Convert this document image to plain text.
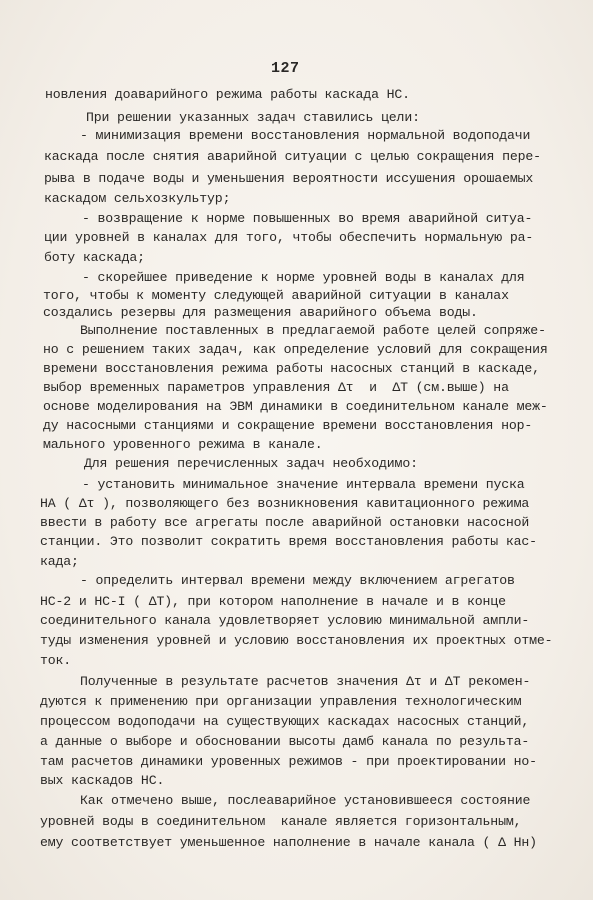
127
новления доаварийного режима работы каскада НС.
При решении указанных задач ставились цели:
- минимизация времени восстановления нормальной водоподачи
каскада после снятия аварийной ситуации с целью сокращения пере-
рыва в подаче воды и уменьшения вероятности иссушения орошаемых
каскадом сельхозкультур;
- возвращение к норме повышенных во время аварийной ситуа-
ции уровней в каналах для того, чтобы обеспечить нормальную ра-
боту каскада;
- скорейшее приведение к норме уровней воды в каналах для
того, чтобы к моменту следующей аварийной ситуации в каналах
создались резервы для размещения аварийного объема воды.
Выполнение поставленных в предлагаемой работе целей сопряже-
но с решением таких задач, как определение условий для сокращения
времени восстановления режима работы насосных станций в каскаде,
выбор временных параметров управления Δτ  и  ΔТ (см.выше) на
основе моделирования на ЭВМ динамики в соединительном канале меж-
ду насосными станциями и сокращение времени восстановления нор-
мального уровенного режима в канале.
Для решения перечисленных задач необходимо:
- установить минимальное значение интервала времени пуска
НА ( Δτ ), позволяющего без возникновения кавитационного режима
ввести в работу все агрегаты после аварийной остановки насосной
станции. Это позволит сократить время восстановления работы кас-
када;
- определить интервал времени между включением агрегатов
НС-2 и НС-I ( ΔТ), при котором наполнение в начале и в конце
соединительного канала удовлетворяет условию минимальной ампли-
туды изменения уровней и условию восстановления их проектных отме-
ток.
Полученные в результате расчетов значения Δτ и ΔТ рекомен-
дуются к применению при организации управления технологическим
процессом водоподачи на существующих каскадах насосных станций,
а данные о выборе и обосновании высоты дамб канала по результа-
там расчетов динамики уровенных режимов - при проектировании но-
вых каскадов НС.
Как отмечено выше, послеаварийное установившееся состояние
уровней воды в соединительном  канале является горизонтальным,
ему соответствует уменьшенное наполнение в начале канала ( Δ Hн)
